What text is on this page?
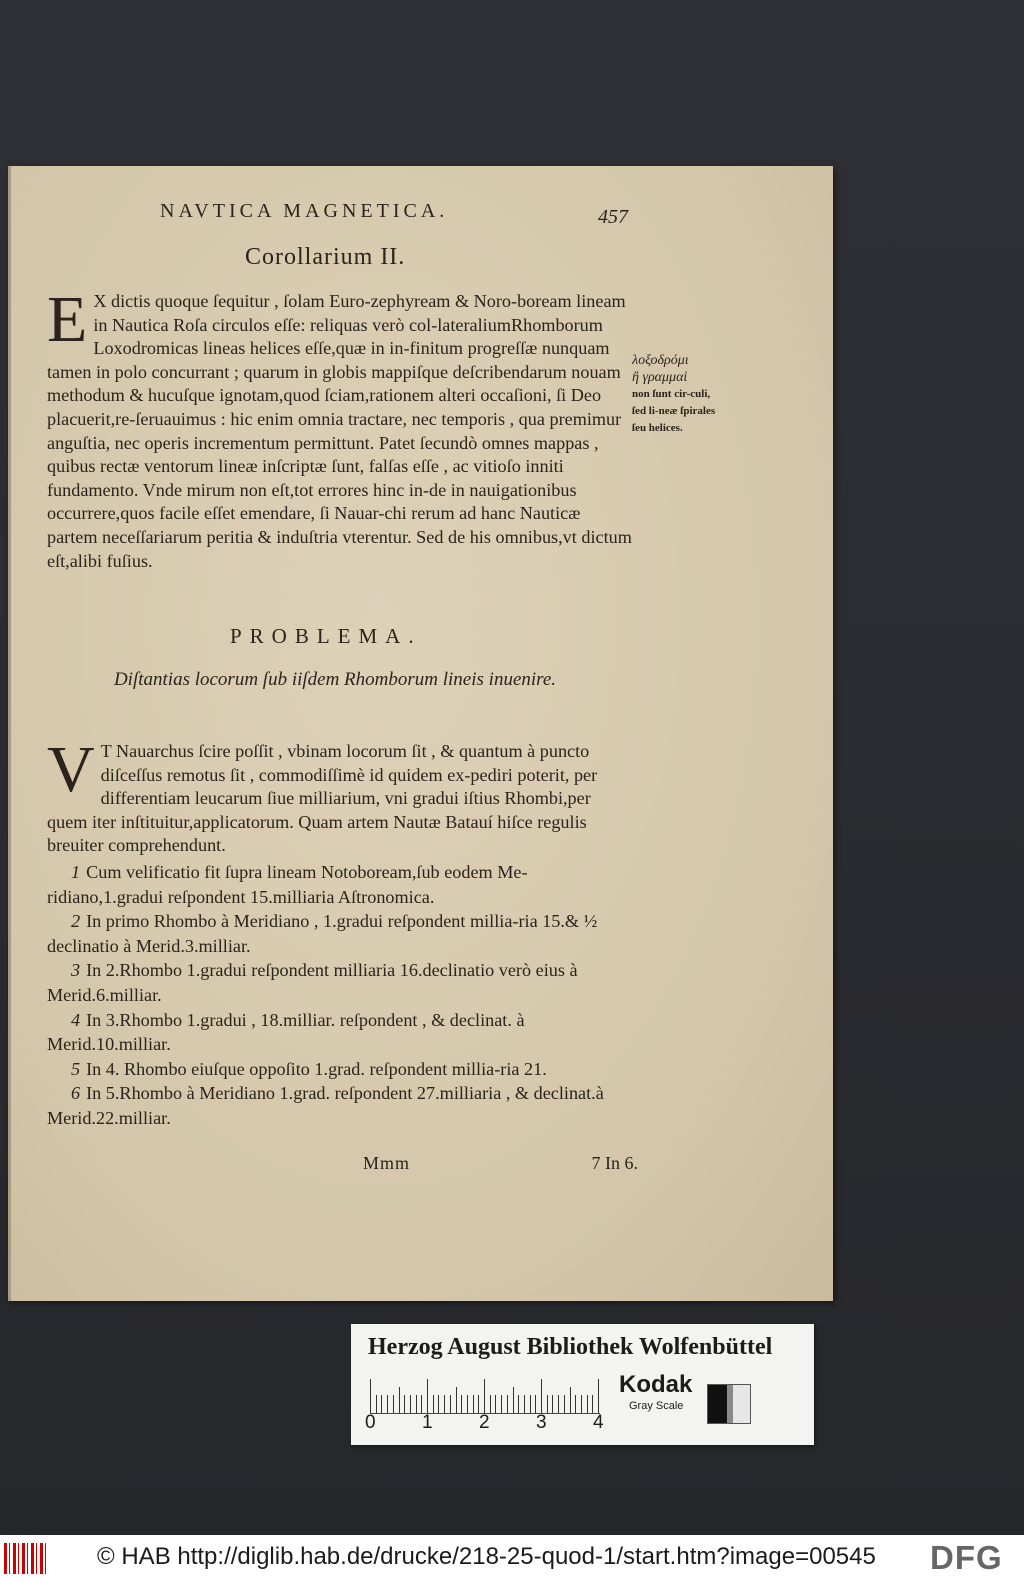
NAVTICA MAGNETICA.	457
Corollarium II.
E X dictis quoque ſequitur , ſolam Euro-zephyream & Noro-boream lineam in Nautica Roſa circulos eſſe: reliquas verò col-lateraliumRhomborum Loxodromicas lineas helices eſſe,quæ in in-finitum progreſſæ nunquam tamen in polo concurrant ; quarum in globis mappiſque deſcribendarum nouam methodum & hucuſque ignotam,quod ſciam,rationem alteri occaſioni, ſi Deo placuerit,re-ſeruauimus : hic enim omnia tractare, nec temporis , qua premimur anguſtia, nec operis incrementum permittunt. Patet ſecundò omnes mappas , quibus rectæ ventorum lineæ inſcriptæ ſunt, falſas eſſe , ac vitioſo inniti fundamento. Vnde mirum non eſt,tot errores hinc in-de in nauigationibus occurrere,quos facile eſſet emendare, ſi Nauar-chi rerum ad hanc Nauticæ partem neceſſariarum peritia & induſtria vterentur. Sed de his omnibus,vt dictum eſt,alibi fuſius.
λοξοδρόμι
ἢ γραμμαὶ
non ſunt cir-culi, ſed li-neæ ſpirales ſeu helices.
PROBLEMA.
Diſtantias locorum ſub iiſdem Rhomborum lineis inuenire.
V T Nauarchus ſcire poſſit , vbinam locorum ſit , & quantum à puncto diſceſſus remotus ſit , commodiſſimè id quidem ex-pediri poterit, per differentiam leucarum ſiue milliarium, vni gradui iſtius Rhombi,per quem iter inſtituitur,applicatorum. Quam artem Nautæ Batauí hiſce regulis breuiter comprehendunt.

1 Cum velificatio fit ſupra lineam Notoboream,ſub eodem Me-ridiano,1.gradui reſpondent 15.milliaria Aſtronomica.

2 In primo Rhombo à Meridiano , 1.gradui reſpondent millia-ria 15.& ½ declinatio à Merid.3.milliar.

3 In 2.Rhombo 1.gradui reſpondent milliaria 16.declinatio verò eius à Merid.6.milliar.

4 In 3.Rhombo 1.gradui , 18.milliar. reſpondent , & declinat. à Merid.10.milliar.

5 In 4. Rhombo eiuſque oppoſito 1.grad. reſpondent millia-ria 21.

6 In 5.Rhombo à Meridiano 1.grad. reſpondent 27.milliaria , & declinat.à Merid.22.milliar.

Mmm	7 In 6.
Herzog August Bibliothek Wolfenbüttel
0 1 2 3 4
Kodak
Gray Scale
© HAB http://diglib.hab.de/drucke/218-25-quod-1/start.htm?image=00545 DFG
